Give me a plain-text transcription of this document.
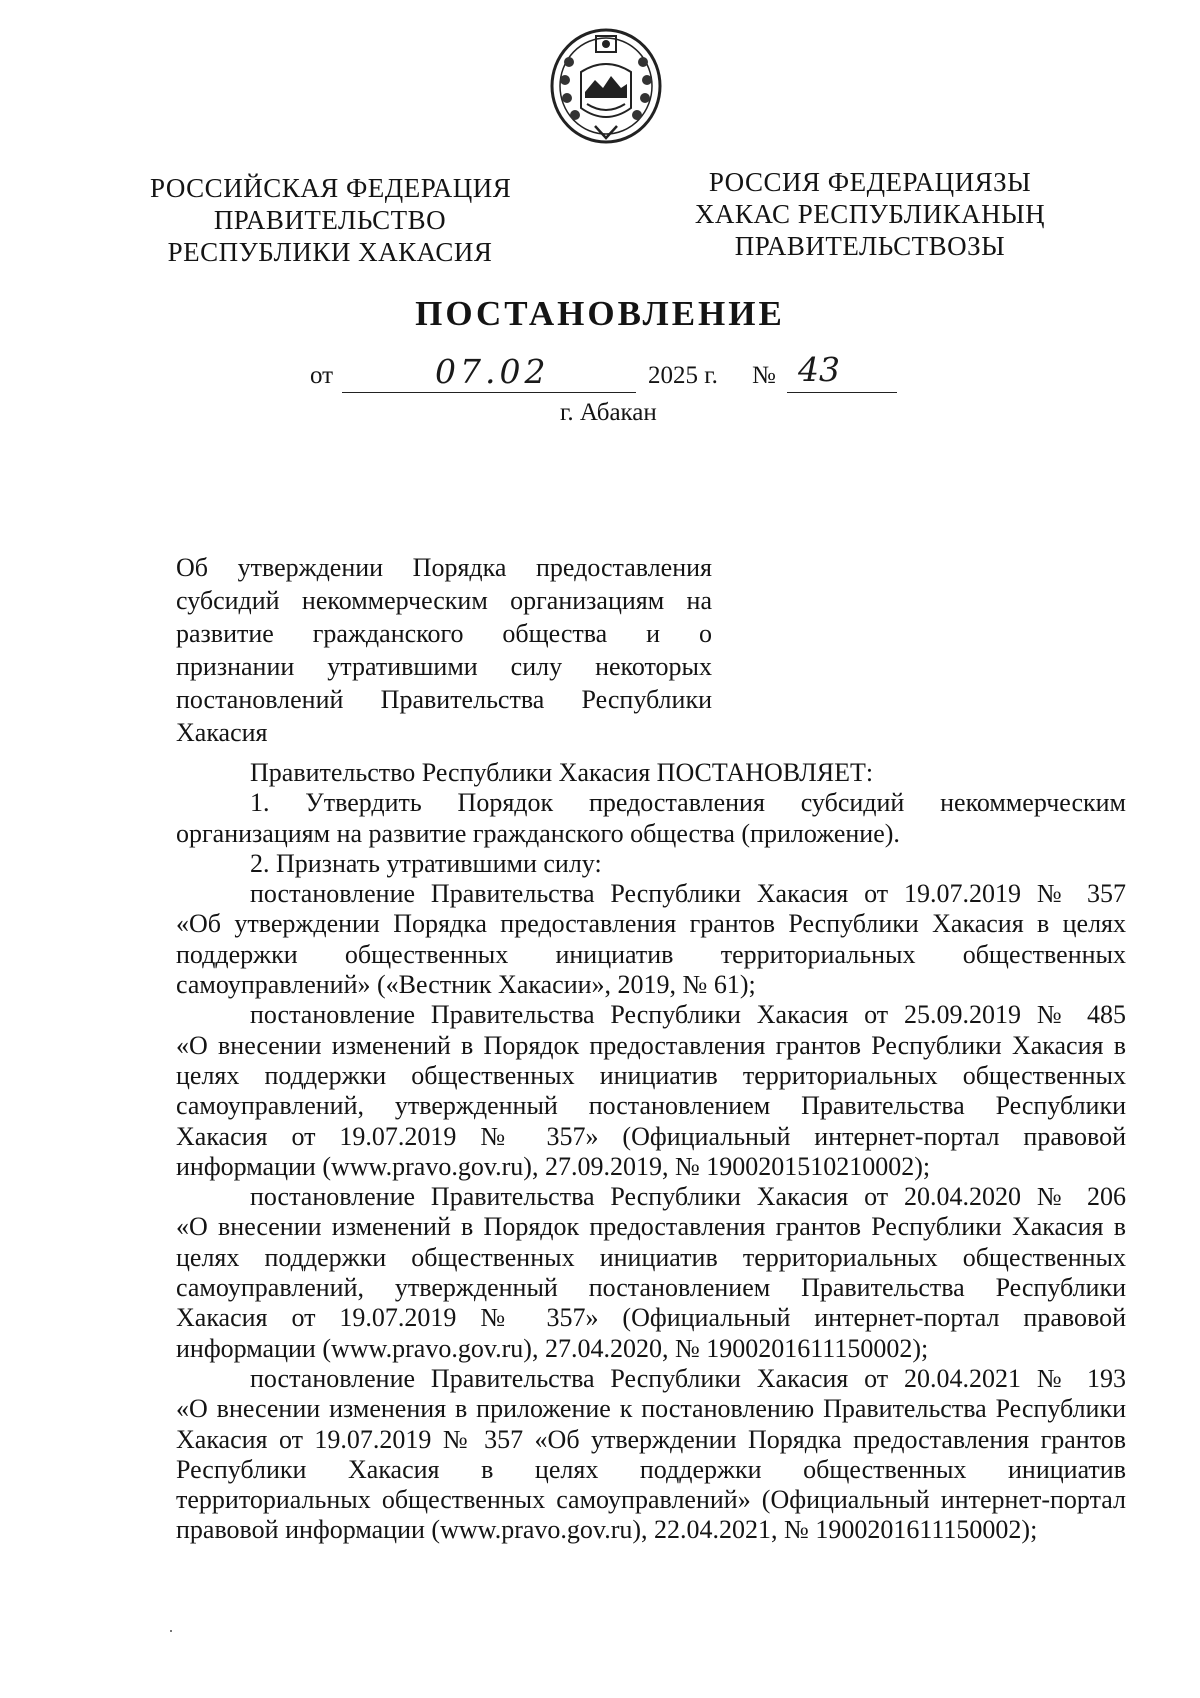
РОССИЙСКАЯ ФЕДЕРАЦИЯ
ПРАВИТЕЛЬСТВО
РЕСПУБЛИКИ ХАКАСИЯ
РОССИЯ ФЕДЕРАЦИЯЗЫ
ХАКАС РЕСПУБЛИКАНЫҢ
ПРАВИТЕЛЬСТВОЗЫ
ПОСТАНОВЛЕНИЕ
от	07.02	2025 г. № 43
г. Абакан
Об утверждении Порядка предоставления
субсидий некоммерческим организациям на
развитие гражданского общества и о
признании утратившими силу некоторых
постановлений Правительства Республики
Хакасия
Правительство Республики Хакасия ПОСТАНОВЛЯЕТ:
1. Утвердить Порядок предоставления субсидий некоммерческим
организациям на развитие гражданского общества (приложение).
2. Признать утратившими силу:
постановление Правительства Республики Хакасия от 19.07.2019 № 357
«Об утверждении Порядка предоставления грантов Республики Хакасия в целях
поддержки общественных инициатив территориальных общественных
самоуправлений» («Вестник Хакасии», 2019, № 61);
постановление Правительства Республики Хакасия от 25.09.2019 № 485
«О внесении изменений в Порядок предоставления грантов Республики Хакасия в
целях поддержки общественных инициатив территориальных общественных
самоуправлений, утвержденный постановлением Правительства Республики
Хакасия от 19.07.2019 № 357» (Официальный интернет-портал правовой
информации (www.pravo.gov.ru), 27.09.2019, № 1900201510210002);
постановление Правительства Республики Хакасия от 20.04.2020 № 206
«О внесении изменений в Порядок предоставления грантов Республики Хакасия в
целях поддержки общественных инициатив территориальных общественных
самоуправлений, утвержденный постановлением Правительства Республики
Хакасия от 19.07.2019 № 357» (Официальный интернет-портал правовой
информации (www.pravo.gov.ru), 27.04.2020, № 1900201611150002);
постановление Правительства Республики Хакасия от 20.04.2021 № 193
«О внесении изменения в приложение к постановлению Правительства Республики
Хакасия от 19.07.2019 № 357 «Об утверждении Порядка предоставления грантов
Республики Хакасия в целях поддержки общественных инициатив
территориальных общественных самоуправлений» (Официальный интернет-портал
правовой информации (www.pravo.gov.ru), 22.04.2021, № 1900201611150002);
